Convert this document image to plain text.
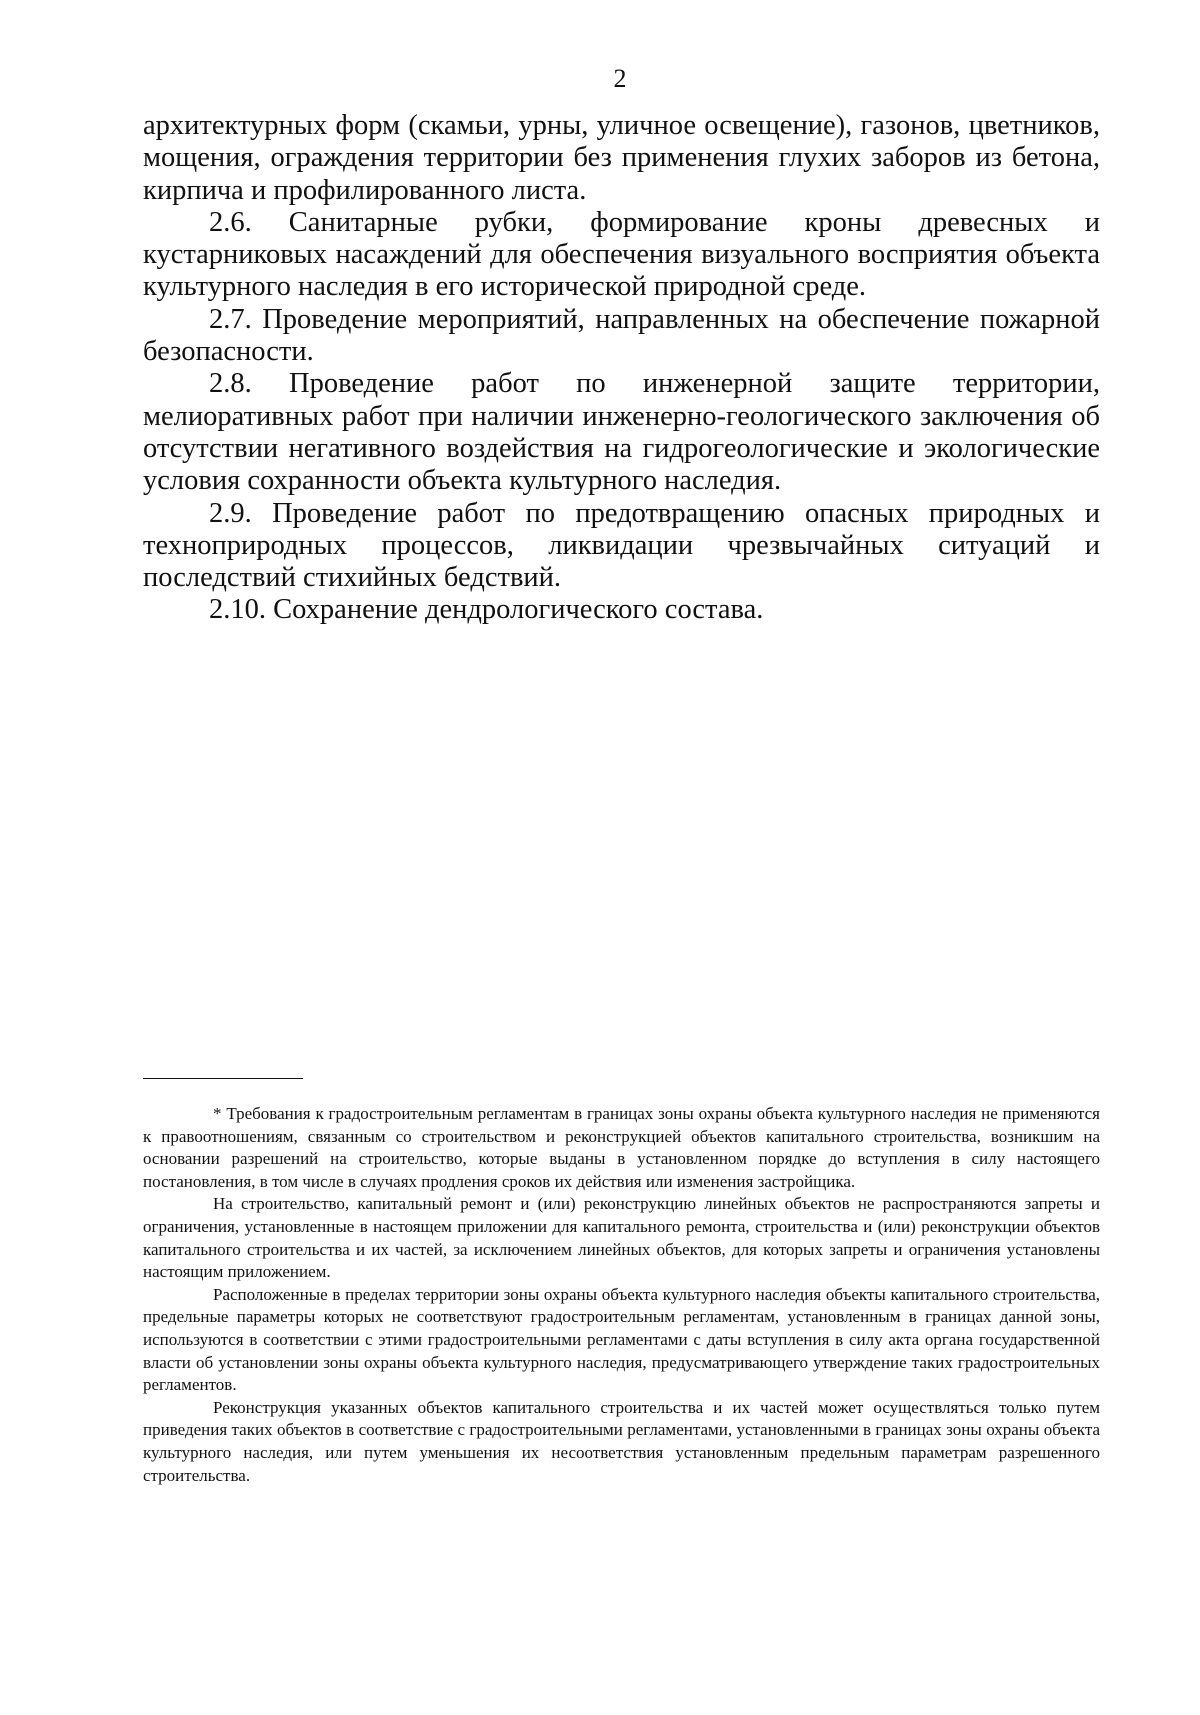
2

архитектурных форм (скамьи, урны, уличное освещение), газонов, цветников, мощения, ограждения территории без применения глухих заборов из бетона, кирпича и профилированного листа.

2.6. Санитарные рубки, формирование кроны древесных и кустарниковых насаждений для обеспечения визуального восприятия объекта культурного наследия в его исторической природной среде.

2.7. Проведение мероприятий, направленных на обеспечение пожарной безопасности.

2.8. Проведение работ по инженерной защите территории, мелиоративных работ при наличии инженерно-геологического заключения об отсутствии негативного воздействия на гидрогеологические и экологические условия сохранности объекта культурного наследия.

2.9. Проведение работ по предотвращению опасных природных и техноприродных процессов, ликвидации чрезвычайных ситуаций и последствий стихийных бедствий.

2.10. Сохранение дендрологического состава.

* Требования к градостроительным регламентам в границах зоны охраны объекта культурного наследия не применяются к правоотношениям, связанным со строительством и реконструкцией объектов капитального строительства, возникшим на основании разрешений на строительство, которые выданы в установленном порядке до вступления в силу настоящего постановления, в том числе в случаях продления сроков их действия или изменения застройщика.

На строительство, капитальный ремонт и (или) реконструкцию линейных объектов не распространяются запреты и ограничения, установленные в настоящем приложении для капитального ремонта, строительства и (или) реконструкции объектов капитального строительства и их частей, за исключением линейных объектов, для которых запреты и ограничения установлены настоящим приложением.

Расположенные в пределах территории зоны охраны объекта культурного наследия объекты капитального строительства, предельные параметры которых не соответствуют градостроительным регламентам, установленным в границах данной зоны, используются в соответствии с этими градостроительными регламентами с даты вступления в силу акта органа государственной власти об установлении зоны охраны объекта культурного наследия, предусматривающего утверждение таких градостроительных регламентов.

Реконструкция указанных объектов капитального строительства и их частей может осуществляться только путем приведения таких объектов в соответствие с градостроительными регламентами, установленными в границах зоны охраны объекта культурного наследия, или путем уменьшения их несоответствия установленным предельным параметрам разрешенного строительства.
